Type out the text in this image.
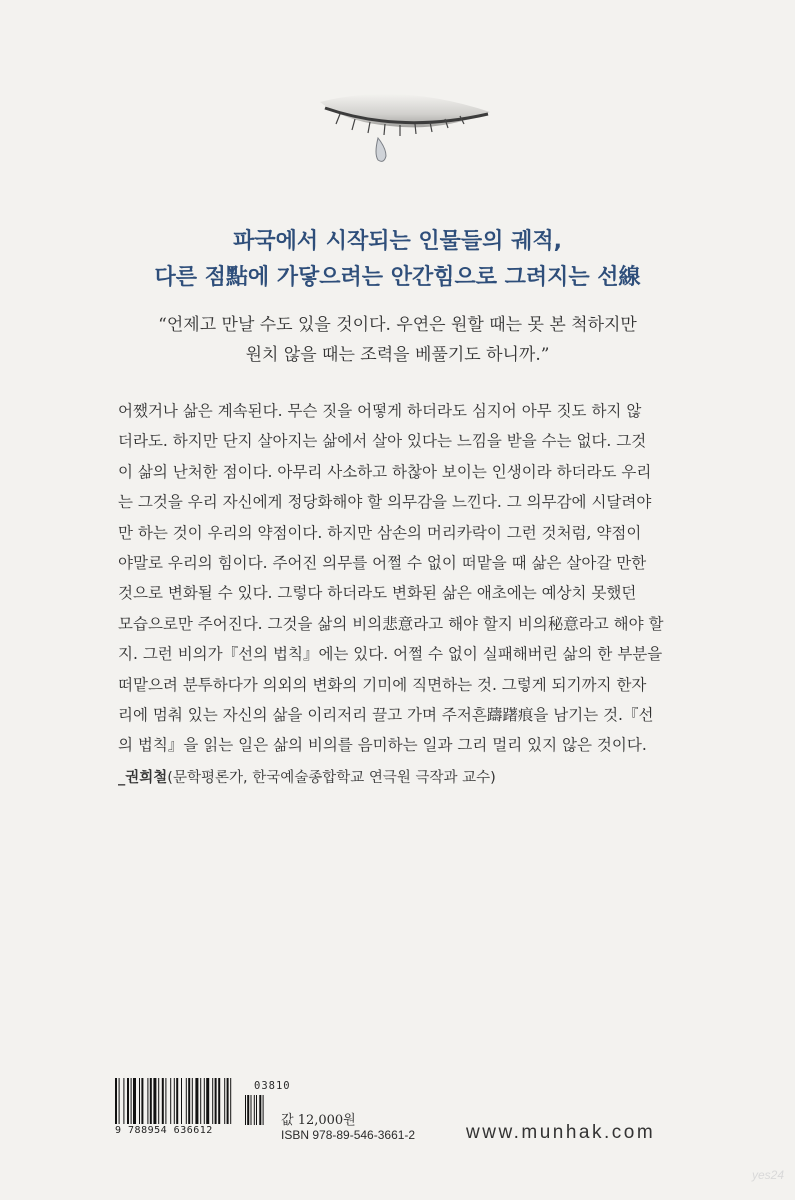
파국에서 시작되는 인물들의 궤적,
다른 점點에 가닿으려는 안간힘으로 그려지는 선線
“언제고 만날 수도 있을 것이다. 우연은 원할 때는 못 본 척하지만
원치 않을 때는 조력을 베풀기도 하니까.”
어쨌거나 삶은 계속된다. 무슨 짓을 어떻게 하더라도 심지어 아무 짓도 하지 않
더라도. 하지만 단지 살아지는 삶에서 살아 있다는 느낌을 받을 수는 없다. 그것
이 삶의 난처한 점이다. 아무리 사소하고 하찮아 보이는 인생이라 하더라도 우리
는 그것을 우리 자신에게 정당화해야 할 의무감을 느낀다. 그 의무감에 시달려야
만 하는 것이 우리의 약점이다. 하지만 삼손의 머리카락이 그런 것처럼, 약점이
야말로 우리의 힘이다. 주어진 의무를 어쩔 수 없이 떠맡을 때 삶은 살아갈 만한
것으로 변화될 수 있다. 그렇다 하더라도 변화된 삶은 애초에는 예상치 못했던
모습으로만 주어진다. 그것을 삶의 비의悲意라고 해야 할지 비의秘意라고 해야 할
지. 그런 비의가『선의 법칙』에는 있다. 어쩔 수 없이 실패해버린 삶의 한 부분을
떠맡으려 분투하다가 의외의 변화의 기미에 직면하는 것. 그렇게 되기까지 한자
리에 멈춰 있는 자신의 삶을 이리저리 끌고 가며 주저흔躊躇痕을 남기는 것.『선
의 법칙』을 읽는 일은 삶의 비의를 음미하는 일과 그리 멀리 있지 않은 것이다.
_권희철(문학평론가, 한국예술종합학교 연극원 극작과 교수)
9 788954 636612
03810
값 12,000원
ISBN 978-89-546-3661-2	www.munhak.com
yes24
